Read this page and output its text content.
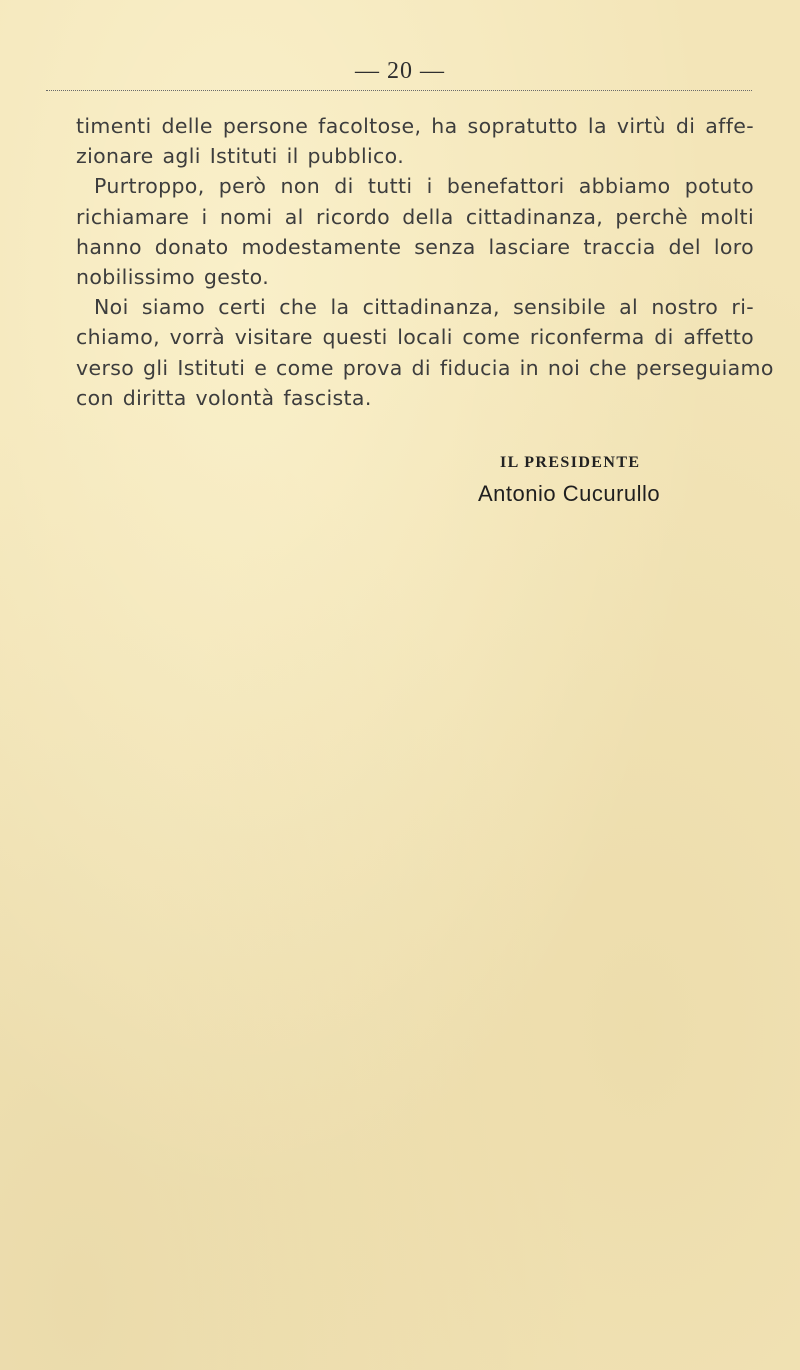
— 20 —
timenti delle persone facoltose, ha sopratutto la virtù di affe-
zionare agli Istituti il pubblico.
Purtroppo, però non di tutti i benefattori abbiamo potuto
richiamare i nomi al ricordo della cittadinanza, perchè molti
hanno donato modestamente senza lasciare traccia del loro
nobilissimo gesto.
Noi siamo certi che la cittadinanza, sensibile al nostro ri-
chiamo, vorrà visitare questi locali come riconferma di affetto
verso gli Istituti e come prova di fiducia in noi che perseguiamo
con diritta volontà fascista.
IL PRESIDENTE
Antonio Cucurullo
